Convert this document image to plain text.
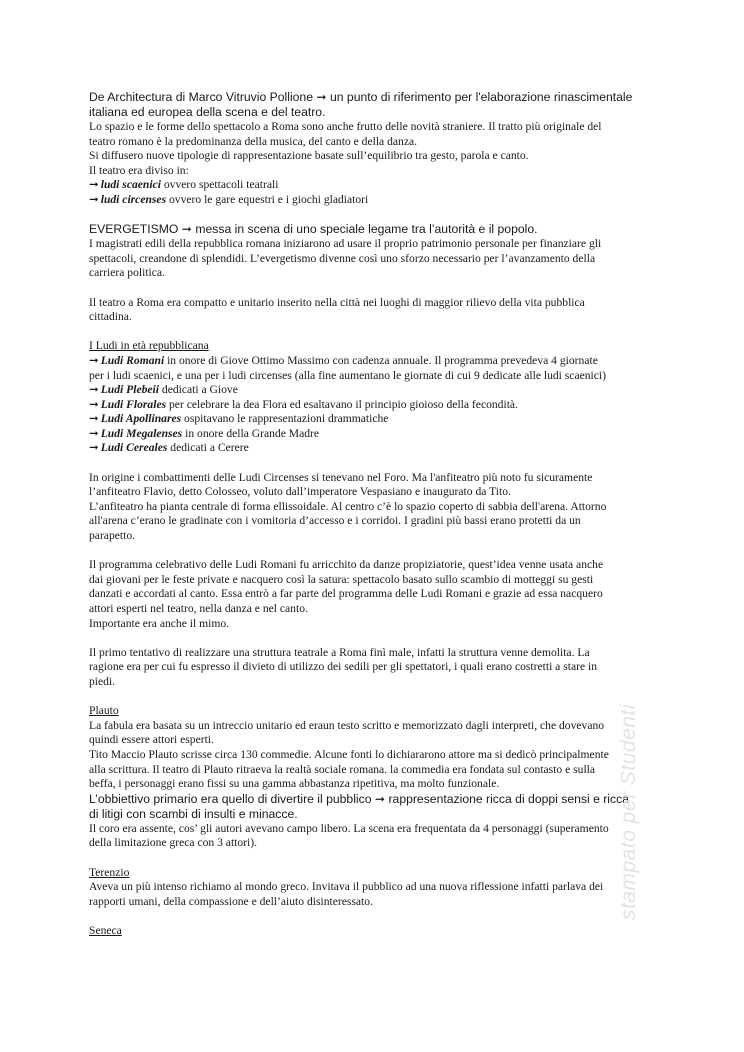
De Architectura di Marco Vitruvio Pollione ➞ un punto di riferimento per l'elaborazione rinascimentale
italiana ed europea della scena e del teatro.
Lo spazio e le forme dello spettacolo a Roma sono anche frutto delle novità straniere. Il tratto più originale del
teatro romano è la predominanza della musica, del canto e della danza.
Si diffusero nuove tipologie di rappresentazione basate sull’equilibrio tra gesto, parola e canto.
Il teatro era diviso in:
➞ ludi scaenici ovvero spettacoli teatrali
➞ ludi circenses ovvero le gare equestri e i giochi gladiatori
EVERGETISMO ➞ messa in scena di uno speciale legame tra l’autorità e il popolo.
I magistrati edili della repubblica romana iniziarono ad usare il proprio patrimonio personale per finanziare gli
spettacoli, creandone di splendidi. L’evergetismo divenne così uno sforzo necessario per l’avanzamento della
carriera politica.
Il teatro a Roma era compatto e unitario inserito nella città nei luoghi di maggior rilievo della vita pubblica
cittadina.
I Ludi in età repubblicana
➞ Ludi Romani in onore di Giove Ottimo Massimo con cadenza annuale. Il programma prevedeva 4 giornate
per i ludi scaenici, e una per i ludi circenses (alla fine aumentano le giornate di cui 9 dedicate alle ludi scaenici)
➞ Ludi Plebeii dedicati a Giove
➞ Ludi Florales per celebrare la dea Flora ed esaltavano il principio gioioso della fecondità.
➞ Ludi Apollinares ospitavano le rappresentazioni drammatiche
➞ Ludi Megalenses in onore della Grande Madre
➞ Ludi Cereales dedicati a Cerere
In origine i combattimenti delle Ludi Circenses si tenevano nel Foro. Ma l'anfiteatro più noto fu sicuramente
l’anfiteatro Flavio, detto Colosseo, voluto dall’imperatore Vespasiano e inaugurato da Tito.
L’anfiteatro ha pianta centrale di forma ellissoidale. Al centro c’è lo spazio coperto di sabbia dell'arena. Attorno
all'arena c’erano le gradinate con i vomitoria d’accesso e i corridoi. I gradini più bassi erano protetti da un
parapetto.
Il programma celebrativo delle Ludi Romani fu arricchito da danze propiziatorie, quest’idea venne usata anche
dai giovani per le feste private e nacquero così la satura: spettacolo basato sullo scambio di motteggi su gesti
danzati e accordati al canto. Essa entrò a far parte del programma delle Ludi Romani e grazie ad essa nacquero
attori esperti nel teatro, nella danza e nel canto.
Importante era anche il mimo.
Il primo tentativo di realizzare una struttura teatrale a Roma finì male, infatti la struttura venne demolita. La
ragione era per cui fu espresso il divieto di utilizzo dei sedili per gli spettatori, i quali erano costretti a stare in
piedi.
Plauto
La fabula era basata su un intreccio unitario ed eraun testo scritto e memorizzato dagli interpreti, che dovevano
quindi essere attori esperti.
Tito Maccio Plauto scrisse circa 130 commedie. Alcune fonti lo dichiararono attore ma si dedicò principalmente
alla scrittura. Il teatro di Plauto ritraeva la realtà sociale romana. la commedia era fondata sul contasto e sulla
beffa, i personaggi erano fissi su una gamma abbastanza ripetitiva, ma molto funzionale.
L’obbiettivo primario era quello di divertire il pubblico ➞ rappresentazione ricca di doppi sensi e ricca
di litigi con scambi di insulti e minacce.
Il coro era assente, cos’ gli autori avevano campo libero. La scena era frequentata da 4 personaggi (superamento
della limitazione greca con 3 attori).
Terenzio
Aveva un più intenso richiamo al mondo greco. Invitava il pubblico ad una nuova riflessione infatti parlava dei
rapporti umani, della compassione e dell’aiuto disinteressato.
Seneca
stampato per Studenti
